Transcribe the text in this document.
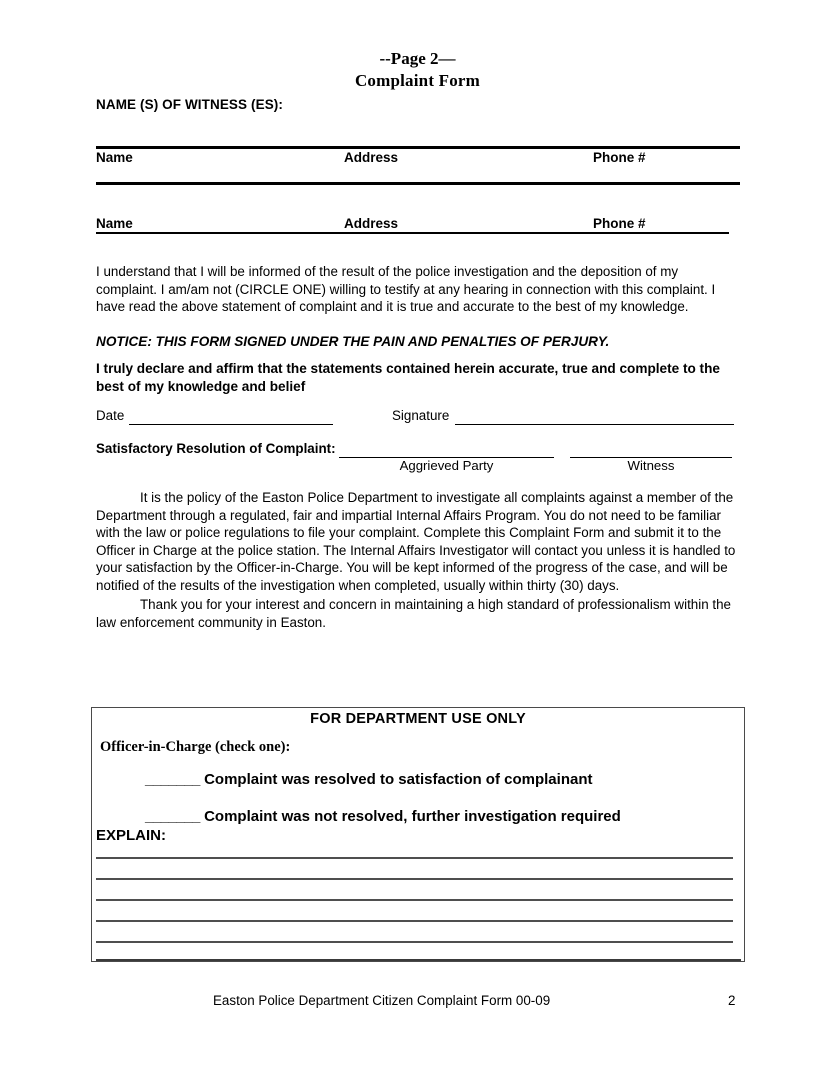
--Page 2—
Complaint Form
NAME (S) OF WITNESS (ES):
Name	Address	Phone #
Name	Address	Phone #
I understand that I will be informed of the result of the police investigation and the deposition of my complaint. I am/am not (CIRCLE ONE) willing to testify at any hearing in connection with this complaint. I have read the above statement of complaint and it is true and accurate to the best of my knowledge.
NOTICE: THIS FORM SIGNED UNDER THE PAIN AND PENALTIES OF PERJURY.
I truly declare and affirm that the statements contained herein accurate, true and complete to the best of my knowledge and belief
Date	Signature
Satisfactory Resolution of Complaint:
Aggrieved Party	Witness
It is the policy of the Easton Police Department to investigate all complaints against a member of the Department through a regulated, fair and impartial Internal Affairs Program. You do not need to be familiar with the law or police regulations to file your complaint. Complete this Complaint Form and submit it to the Officer in Charge at the police station. The Internal Affairs Investigator will contact you unless it is handled to your satisfaction by the Officer-in-Charge. You will be kept informed of the progress of the case, and will be notified of the results of the investigation when completed, usually within thirty (30) days.
Thank you for your interest and concern in maintaining a high standard of professionalism within the law enforcement community in Easton.
FOR DEPARTMENT USE ONLY
Officer-in-Charge (check one):
_______ Complaint was resolved to satisfaction of complainant
_______ Complaint was not resolved, further investigation required
EXPLAIN:
Easton Police Department Citizen Complaint Form 00-09	2
